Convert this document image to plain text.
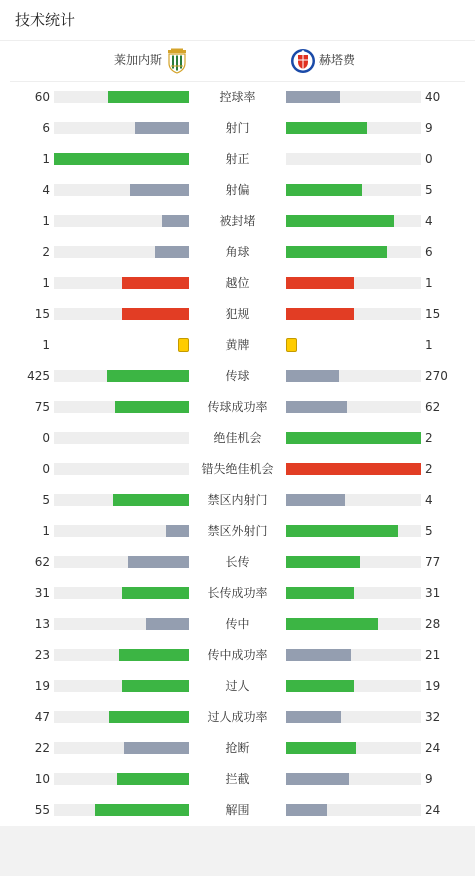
技术统计
莱加内斯	赫塔费
60	控球率	40
6	射门	9
1	射正	0
4	射偏	5
1	被封堵	4
2	角球	6
1	越位	1
15	犯规	15
1	黄牌	1
425	传球	270
75	传球成功率	62
0	绝佳机会	2
0	错失绝佳机会	2
5	禁区内射门	4
1	禁区外射门	5
62	长传	77
31	长传成功率	31
13	传中	28
23	传中成功率	21
19	过人	19
47	过人成功率	32
22	抢断	24
10	拦截	9
55	解围	24
